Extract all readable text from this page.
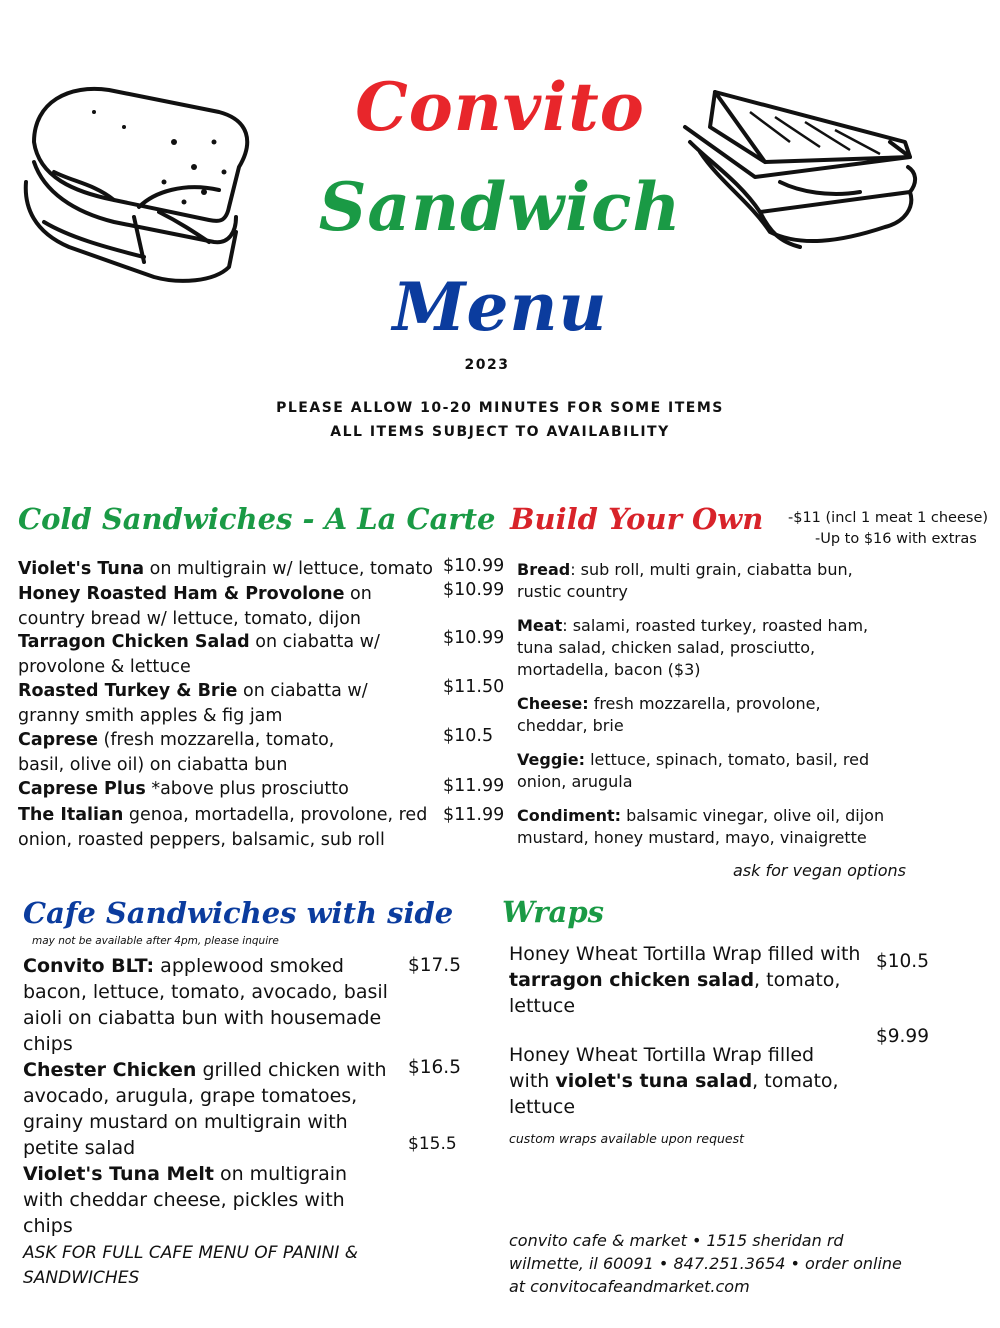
Convito
Sandwich
Menu
2023
PLEASE ALLOW 10-20 MINUTES FOR SOME ITEMS
ALL ITEMS SUBJECT TO AVAILABILITY
Cold Sandwiches - A La Carte
Violet's Tuna on multigrain w/ lettuce, tomato $10.99
Honey Roasted Ham & Provolone on country bread w/ lettuce, tomato, dijon
$10.99
Tarragon Chicken Salad on ciabatta w/ provolone & lettuce
$10.99
Roasted Turkey & Brie on ciabatta w/ granny smith apples & fig jam
$11.50
Caprese (fresh mozzarella, tomato, basil, olive oil) on ciabatta bun
$10.5
Caprese Plus *above plus prosciutto	$11.99
The Italian genoa, mortadella, provolone, red onion, roasted peppers, balsamic, sub roll
$11.99
Build Your Own -$11 (incl 1 meat 1 cheese)
-Up to $16 with extras

Bread: sub roll, multi grain, ciabatta bun, rustic country

Meat: salami, roasted turkey, roasted ham, tuna salad, chicken salad, prosciutto, mortadella, bacon ($3)

Cheese: fresh mozzarella, provolone, cheddar, brie

Veggie: lettuce, spinach, tomato, basil, red onion, arugula

Condiment: balsamic vinegar, olive oil, dijon mustard, honey mustard, mayo, vinaigrette

ask for vegan options
Cafe Sandwiches with side
may not be available after 4pm, please inquire

Convito BLT: applewood smoked bacon, lettuce, tomato, avocado, basil aioli on ciabatta bun with housemade chips

$17.5

Chester Chicken grilled chicken with avocado, arugula, grape tomatoes, grainy mustard on multigrain with petite salad

$16.5

Violet's Tuna Melt on multigrain with cheddar cheese, pickles with chips

$15.5
ASK FOR FULL CAFE MENU OF PANINI & SANDWICHES
Wraps

Honey Wheat Tortilla Wrap filled with tarragon chicken salad, tomato, lettuce

$10.5
$9.99

Honey Wheat Tortilla Wrap filled with violet's tuna salad, tomato, lettuce

custom wraps available upon request
convito cafe & market • 1515 sheridan rd
wilmette, il 60091 • 847.251.3654 • order online
at convitocafeandmarket.com
